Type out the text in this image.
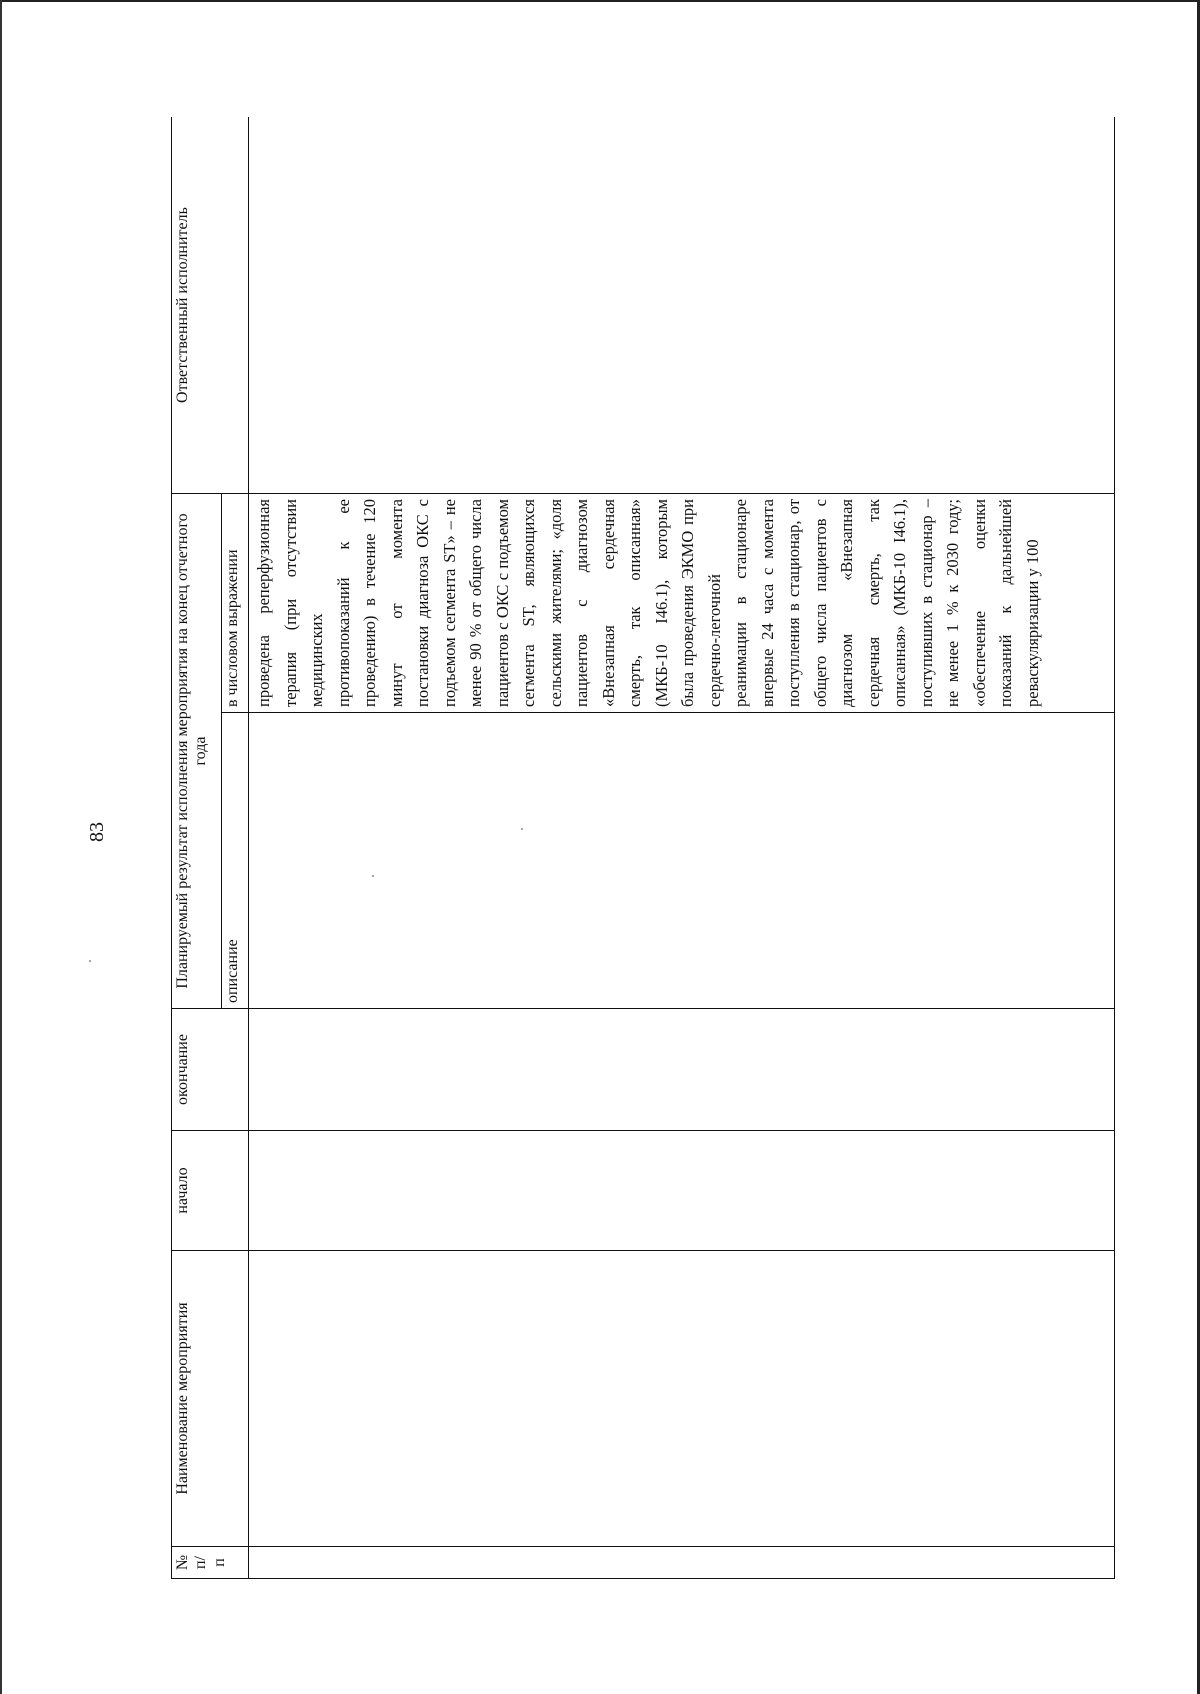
83
№ п/п	Наименование мероприятия	начало	окончание	Планируемый результат исполнения мероприятия на конец отчетного года		Ответственный исполнитель
				описание	в числовом выражении	
					проведена реперфузионная терапия (при отсутствии медицинских противопоказаний к ее проведению) в течение 120 минут от момента постановки диагноза ОКС с подъемом сегмента ST» – не менее 90 % от общего числа пациентов с ОКС с подъемом сегмента ST, являющихся сельскими жителями; «доля пациентов с диагнозом «Внезапная сердечная смерть, так описанная» (МКБ-10 I46.1), которым была проведения ЭКМО при сердечно-легочной реанимации в стационаре впервые 24 часа с момента поступления в стационар, от общего числа пациентов с диагнозом «Внезапная сердечная смерть, так описанная» (МКБ-10 I46.1), поступивших в стационар – не менее 1 % к 2030 году; «обеспечение оценки показаний к дальнейшей реваскуляризации у 100	
